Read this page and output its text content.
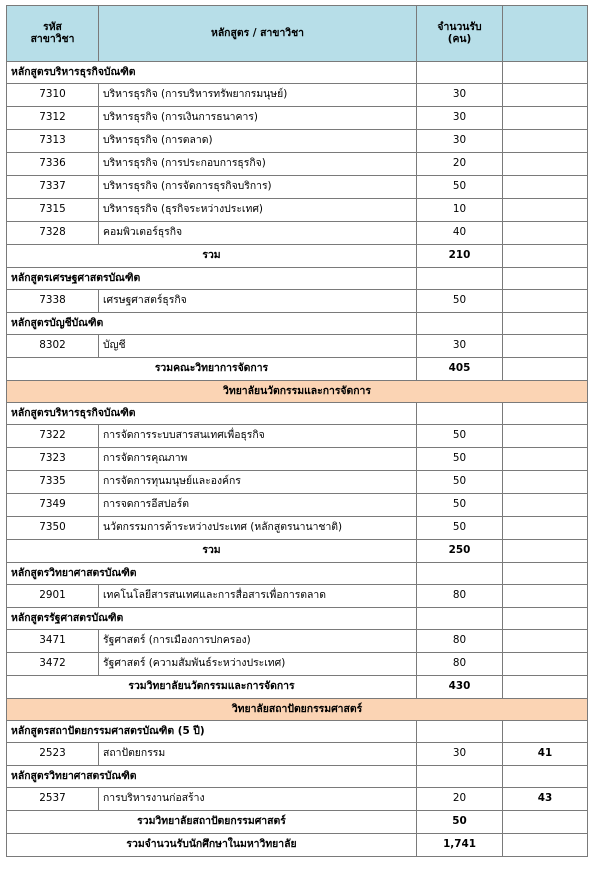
รหัส
สาขาวิชา	หลักสูตร / สาขาวิชา	จำนวนรับ
(คน)	
หลักสูตรบริหารธุรกิจบัณฑิต			
7310	บริหารธุรกิจ (การบริหารทรัพยากรมนุษย์)	30	
7312	บริหารธุรกิจ (การเงินการธนาคาร)	30	
7313	บริหารธุรกิจ (การตลาด)	30	
7336	บริหารธุรกิจ (การประกอบการธุรกิจ)	20	
7337	บริหารธุรกิจ (การจัดการธุรกิจบริการ)	50	
7315	บริหารธุรกิจ (ธุรกิจระหว่างประเทศ)	10	
7328	คอมพิวเตอร์ธุรกิจ	40	
รวม		210	
หลักสูตรเศรษฐศาสตรบัณฑิต			
7338	เศรษฐศาสตร์ธุรกิจ	50	
หลักสูตรบัญชีบัณฑิต			
8302	บัญชี	30	
รวมคณะวิทยาการจัดการ		405	
วิทยาลัยนวัตกรรมและการจัดการ			
หลักสูตรบริหารธุรกิจบัณฑิต			
7322	การจัดการระบบสารสนเทศเพื่อธุรกิจ	50	
7323	การจัดการคุณภาพ	50	
7335	การจัดการทุนมนุษย์และองค์กร	50	
7349	การจดการอีสปอร์ต	50	
7350	นวัตกรรมการค้าระหว่างประเทศ (หลักสูตรนานาชาติ)	50	
รวม		250	
หลักสูตรวิทยาศาสตรบัณฑิต			
2901	เทคโนโลยีสารสนเทศและการสื่อสารเพื่อการตลาด	80	
หลักสูตรรัฐศาสตรบัณฑิต			
3471	รัฐศาสตร์ (การเมืองการปกครอง)	80	
3472	รัฐศาสตร์ (ความสัมพันธ์ระหว่างประเทศ)	80	
รวมวิทยาลัยนวัตกรรมและการจัดการ		430	
วิทยาลัยสถาปัตยกรรมศาสตร์			
หลักสูตรสถาปัตยกรรมศาสตรบัณฑิต (5 ปี)			
2523	สถาปัตยกรรม	30	41
หลักสูตรวิทยาศาสตรบัณฑิต			
2537	การบริหารงานก่อสร้าง	20	43
รวมวิทยาลัยสถาปัตยกรรมศาสตร์		50	
รวมจำนวนรับนักศึกษาในมหาวิทยาลัย		1,741	
